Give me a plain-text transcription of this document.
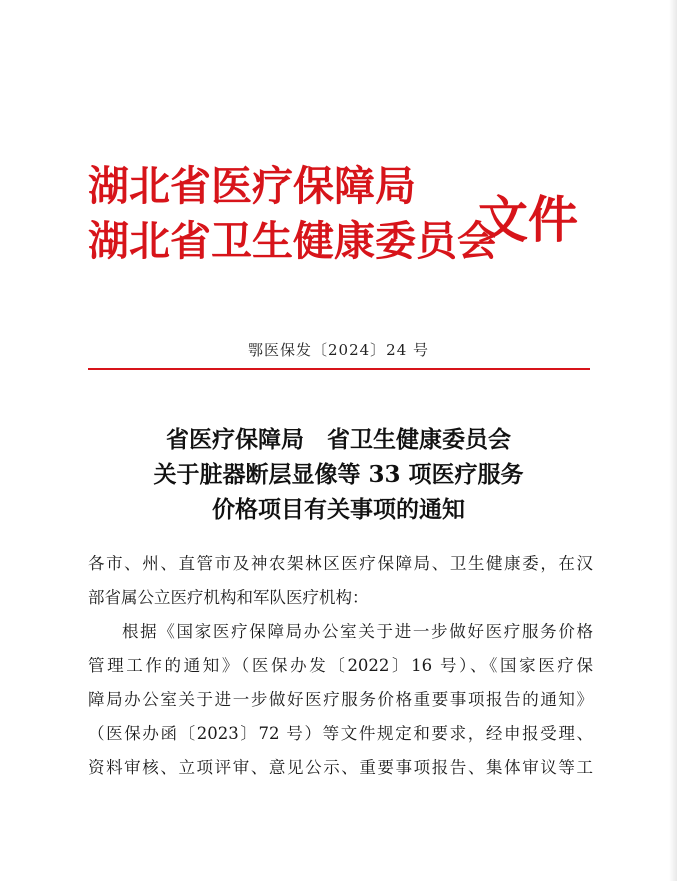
湖北省医疗保障局
湖北省卫生健康委员会
文件
鄂医保发〔2024〕24 号
省医疗保障局　省卫生健康委员会
关于脏器断层显像等 33 项医疗服务
价格项目有关事项的通知
各市、州、直管市及神农架林区医疗保障局、卫生健康委，在汉
部省属公立医疗机构和军队医疗机构：
根据《国家医疗保障局办公室关于进一步做好医疗服务价格
管理工作的通知》（医保办发〔2022〕16 号）、《国家医疗保
障局办公室关于进一步做好医疗服务价格重要事项报告的通知》
（医保办函〔2023〕72 号）等文件规定和要求，经申报受理、
资料审核、立项评审、意见公示、重要事项报告、集体审议等工
